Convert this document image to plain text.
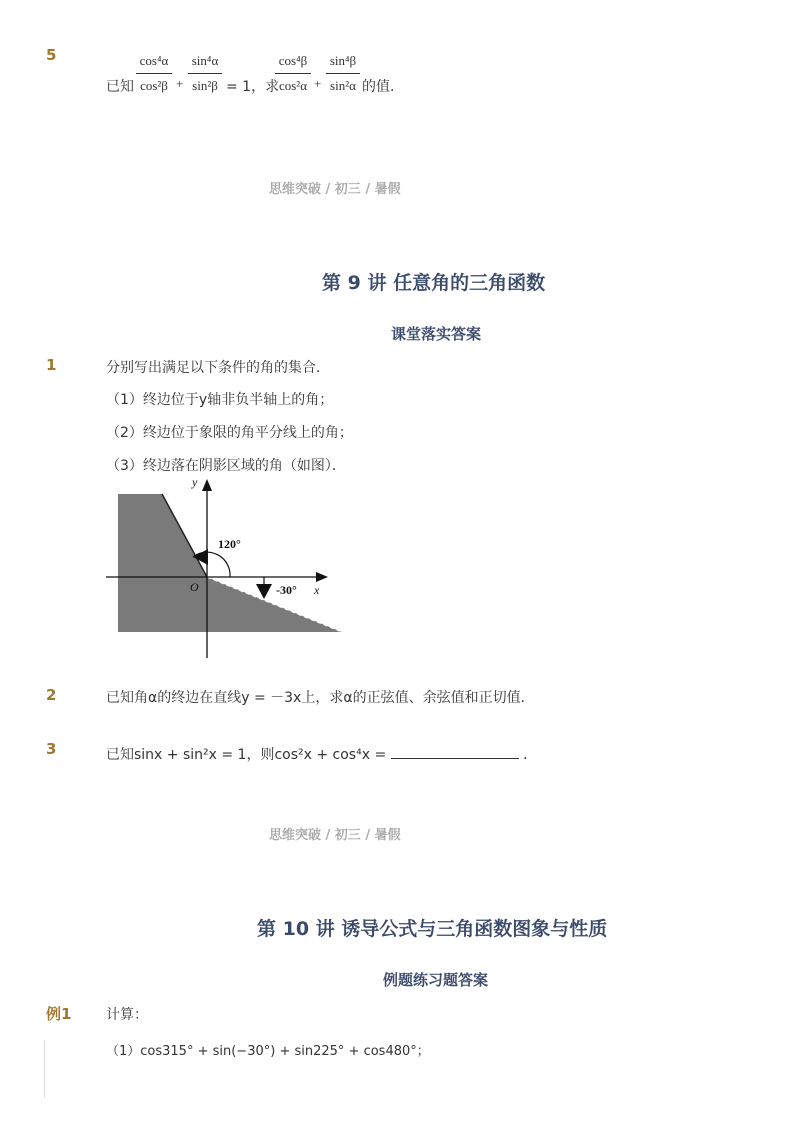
5
已知
cos⁴α
cos²β +
sin⁴α
sin²β = 1，求
cos⁴β
cos²α +
sin⁴β
sin²α 的值．
思维突破 / 初三 / 暑假
第 9 讲 任意角的三角函数
课堂落实答案
1	分别写出满足以下条件的角的集合．
（1）终边位于y轴非负半轴上的角；
（2）终边位于象限的角平分线上的角；
（3）终边落在阴影区域的角（如图）．
y
x
O
120°
-30°
2	已知角α的终边在直线y = －3x上，求α的正弦值、余弦值和正切值．
3	已知sinx + sin²x = 1，则cos²x + cos⁴x =	．
思维突破 / 初三 / 暑假
第 10 讲 诱导公式与三角函数图象与性质
例题练习题答案
例1 计算：
（1）cos315° + sin(−30°) + sin225° + cos480°；
